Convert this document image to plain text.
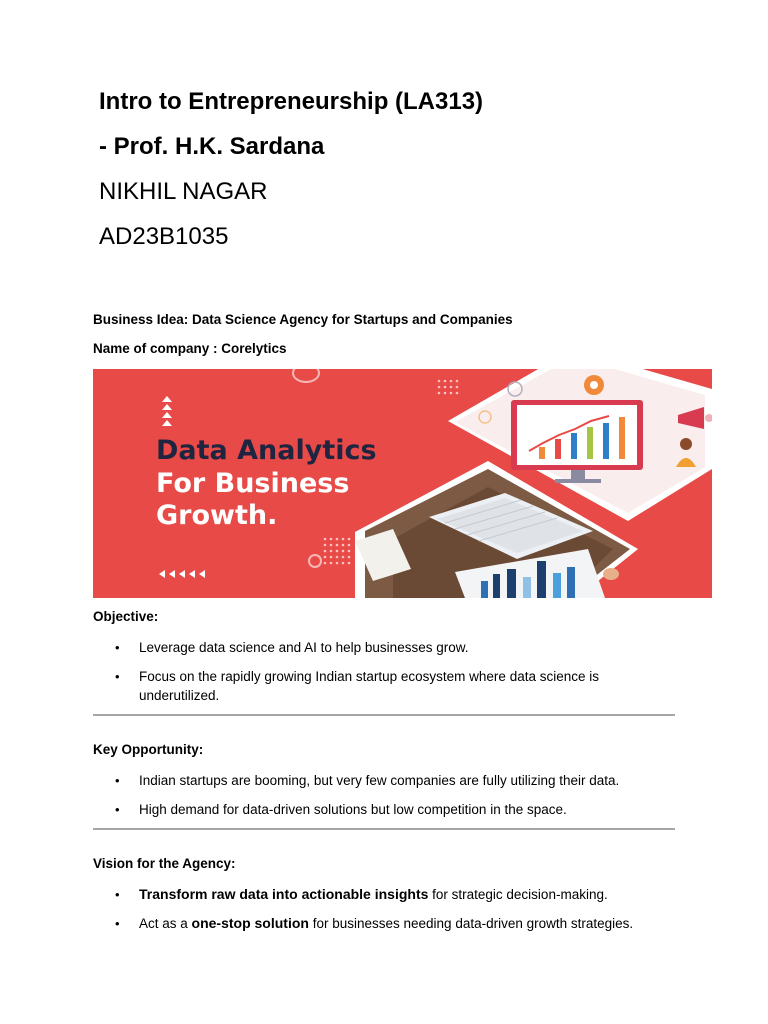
Intro to Entrepreneurship (LA313)
- Prof. H.K. Sardana
NIKHIL NAGAR
AD23B1035
Business Idea: Data Science Agency for Startups and Companies
Name of company : Corelytics
Data Analytics
For Business
Growth.
Objective:
• Leverage data science and AI to help businesses grow.
• Focus on the rapidly growing Indian startup ecosystem where data science is underutilized.
Key Opportunity:
• Indian startups are booming, but very few companies are fully utilizing their data.
• High demand for data-driven solutions but low competition in the space.
Vision for the Agency:
• Transform raw data into actionable insights for strategic decision-making.
• Act as a one-stop solution for businesses needing data-driven growth strategies.
